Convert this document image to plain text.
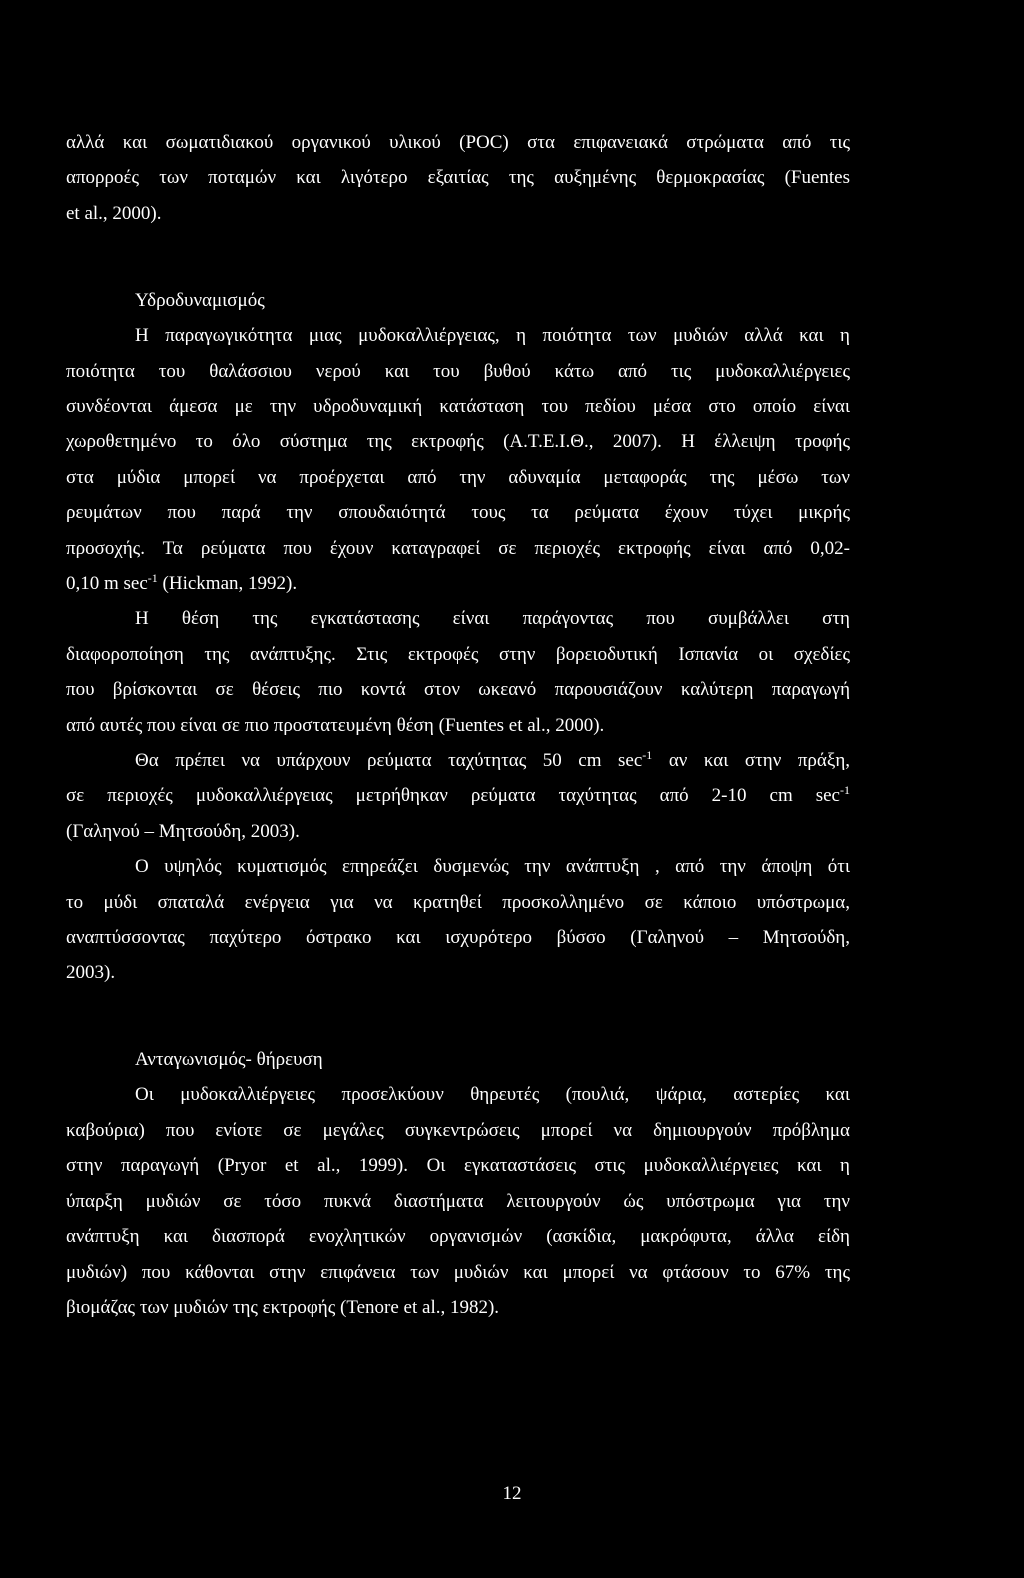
αλλά και σωματιδιακού οργανικού υλικού (POC) στα επιφανειακά στρώματα από τις

απορροές των ποταμών και λιγότερο εξαιτίας της αυξημένης θερμοκρασίας (Fuentes

et al., 2000).

Υδροδυναμισμός

Η παραγωγικότητα μιας μυδοκαλλιέργειας, η ποιότητα των μυδιών αλλά και η

ποιότητα του θαλάσσιου νερού και του βυθού κάτω από τις μυδοκαλλιέργειες

συνδέονται άμεσα με την υδροδυναμική κατάσταση του πεδίου μέσα στο οποίο είναι

χωροθετημένο το όλο σύστημα της εκτροφής (Α.Τ.Ε.Ι.Θ., 2007). Η έλλειψη τροφής

στα μύδια μπορεί να προέρχεται από την αδυναμία μεταφοράς της μέσω των

ρευμάτων που παρά την σπουδαιότητά τους τα ρεύματα έχουν τύχει μικρής

προσοχής. Τα ρεύματα που έχουν καταγραφεί σε περιοχές εκτροφής είναι από 0,02-

0,10 m $\sec^{-1}$ (Hickman, 1992).

Η θέση της εγκατάστασης είναι παράγοντας που συμβάλλει στη

διαφοροποίηση της ανάπτυξης. Στις εκτροφές στην βορειοδυτική Ισπανία οι σχεδίες

που βρίσκονται σε θέσεις πιο κοντά στον ωκεανό παρουσιάζουν καλύτερη παραγωγή

από αυτές που είναι σε πιο προστατευμένη θέση (Fuentes et al., 2000).

Θα πρέπει να υπάρχουν ρεύματα ταχύτητας 50 cm $\sec^{-1} \alpha\nu$ και στην πράξη,

σε περιοχές μυδοκαλλιέργειας μετρήθηκαν ρεύματα ταχύτητας από 2-10 cm $\sec^{-1}$

(Γαληνού – Μητσούδη, 2003).

Ο υψηλός κυματισμός επηρεάζει δυσμενώς την ανάπτυξη , από την άποψη ότι

το μύδι σπαταλά ενέργεια για να κρατηθεί προσκολλημένο σε κάποιο υπόστρωμα,

αναπτύσσοντας παχύτερο όστρακο και ισχυρότερο βύσσο (Γαληνού – Μητσούδη,

2003).

Ανταγωνισμός- θήρευση

Οι μυδοκαλλιέργειες προσελκύουν θηρευτές (πουλιά, ψάρια, αστερίες και

καβούρια) που ενίοτε σε μεγάλες συγκεντρώσεις μπορεί να δημιουργούν πρόβλημα

στην παραγωγή (Pryor et al., 1999). Οι εγκαταστάσεις στις μυδοκαλλιέργειες και η

ύπαρξη μυδιών σε τόσο πυκνά διαστήματα λειτουργούν ώς υπόστρωμα για την

ανάπτυξη και διασπορά ενοχλητικών οργανισμών (ασκίδια, μακρόφυτα, άλλα είδη

μυδιών) που κάθονται στην επιφάνεια των μυδιών και μπορεί να φτάσουν το 67% της

βιομάζας των μυδιών της εκτροφής (Tenore et al., 1982).

12
